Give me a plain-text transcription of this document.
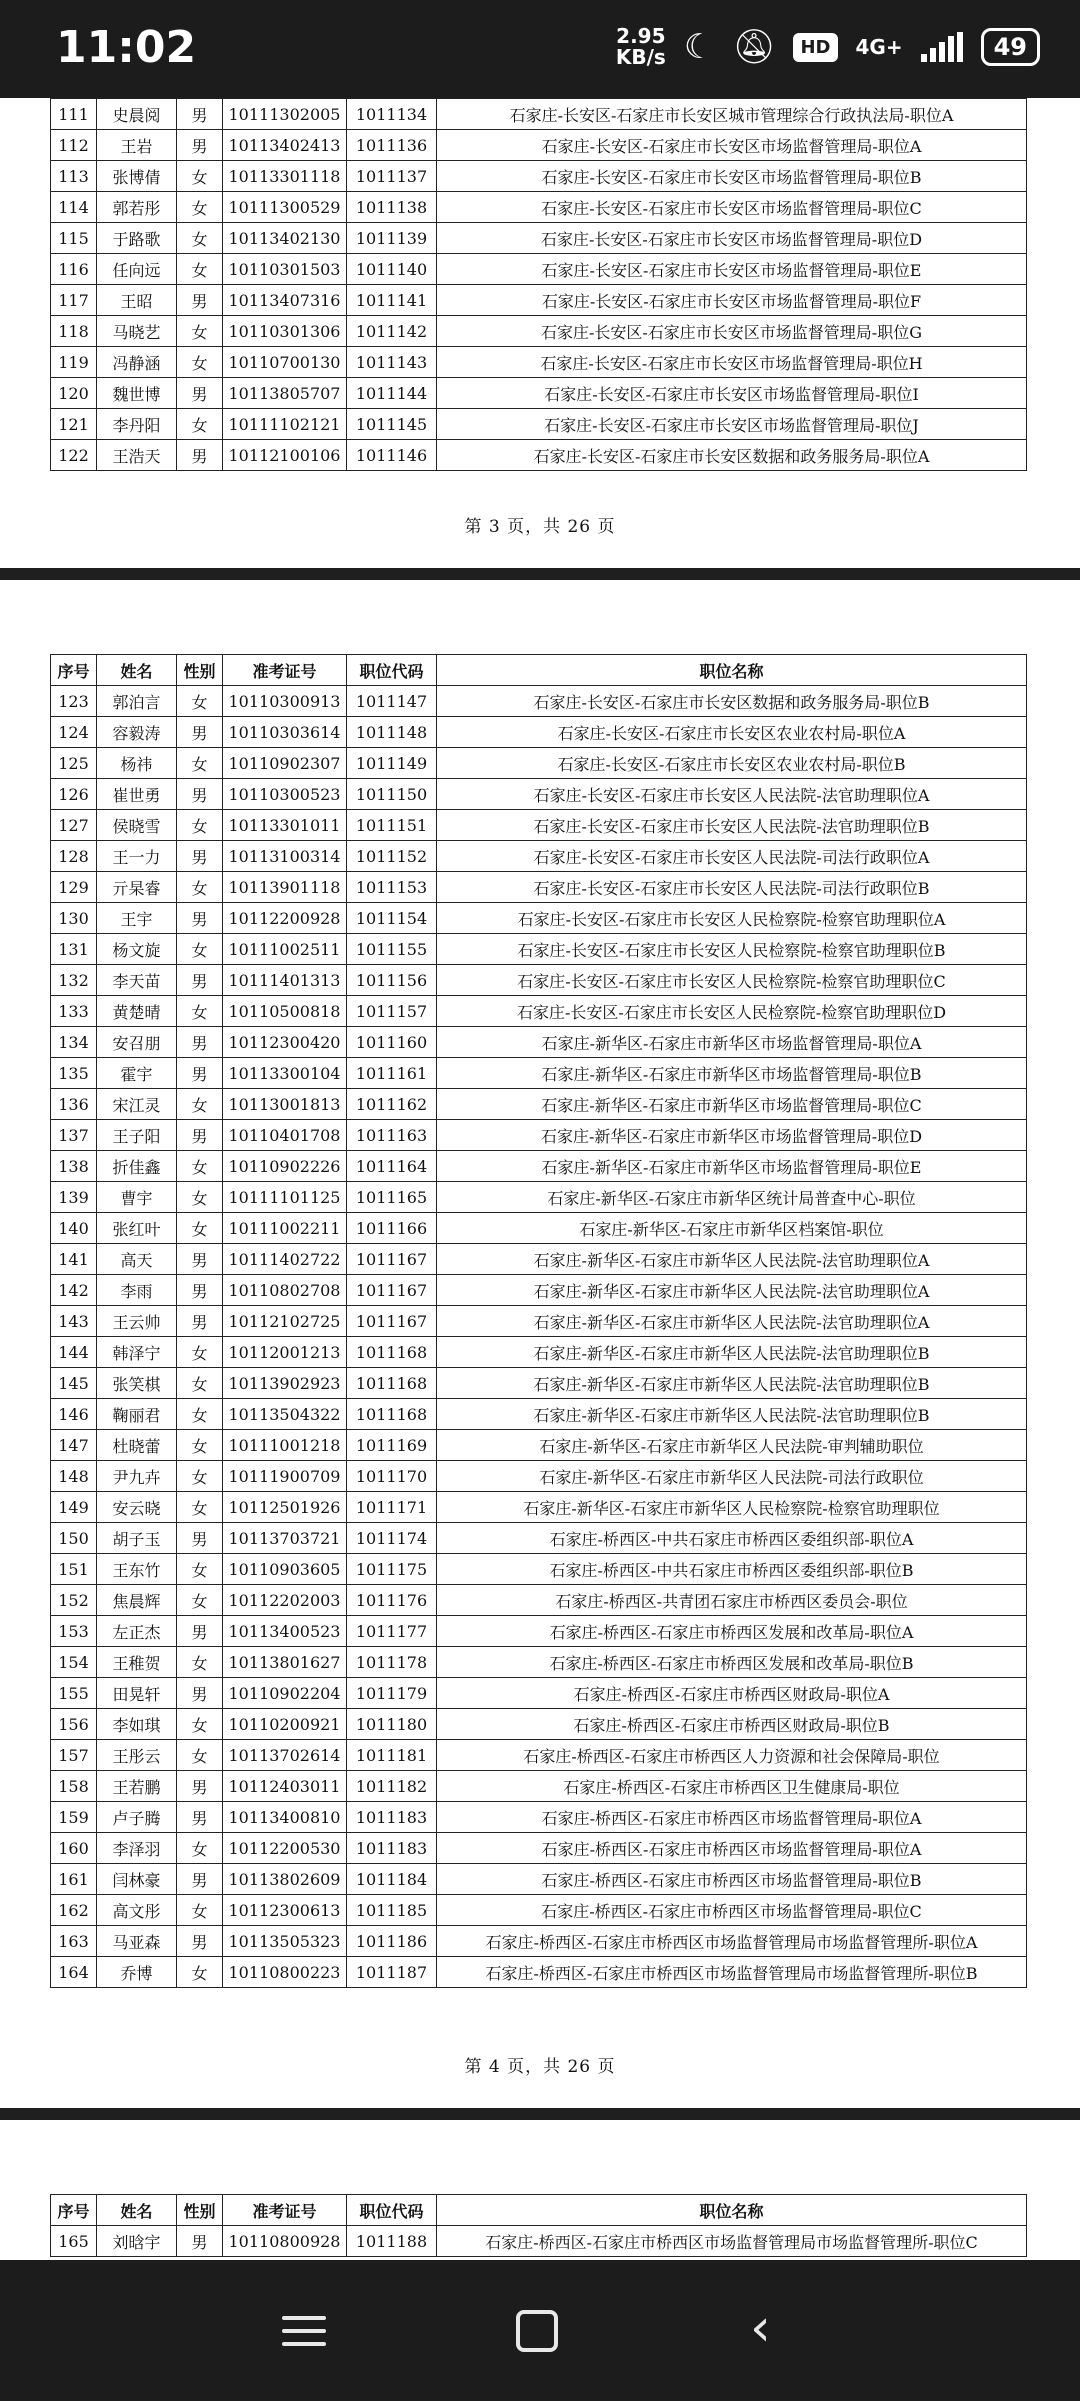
11:02	2.95
KB/s ☾ 🔕︎	HD	4G+	49
111	史晨阅	男	10111302005	1011134	石家庄-长安区-石家庄市长安区城市管理综合行政执法局-职位A
112	王岩	男	10113402413	1011136	石家庄-长安区-石家庄市长安区市场监督管理局-职位A
113	张博倩	女	10113301118	1011137	石家庄-长安区-石家庄市长安区市场监督管理局-职位B
114	郭若彤	女	10111300529	1011138	石家庄-长安区-石家庄市长安区市场监督管理局-职位C
115	于路歌	女	10113402130	1011139	石家庄-长安区-石家庄市长安区市场监督管理局-职位D
116	任向远	女	10110301503	1011140	石家庄-长安区-石家庄市长安区市场监督管理局-职位E
117	王昭	男	10113407316	1011141	石家庄-长安区-石家庄市长安区市场监督管理局-职位F
118	马晓艺	女	10110301306	1011142	石家庄-长安区-石家庄市长安区市场监督管理局-职位G
119	冯静涵	女	10110700130	1011143	石家庄-长安区-石家庄市长安区市场监督管理局-职位H
120	魏世博	男	10113805707	1011144	石家庄-长安区-石家庄市长安区市场监督管理局-职位I
121	李丹阳	女	10111102121	1011145	石家庄-长安区-石家庄市长安区市场监督管理局-职位J
122	王浩天	男	10112100106	1011146	石家庄-长安区-石家庄市长安区数据和政务服务局-职位A
第 3 页，共 26 页
序号	姓名	性别	准考证号	职位代码	职位名称
123	郭泊言	女	10110300913	1011147	石家庄-长安区-石家庄市长安区数据和政务服务局-职位B
124	容毅涛	男	10110303614	1011148	石家庄-长安区-石家庄市长安区农业农村局-职位A
125	杨祎	女	10110902307	1011149	石家庄-长安区-石家庄市长安区农业农村局-职位B
126	崔世勇	男	10110300523	1011150	石家庄-长安区-石家庄市长安区人民法院-法官助理职位A
127	侯晓雪	女	10113301011	1011151	石家庄-长安区-石家庄市长安区人民法院-法官助理职位B
128	王一力	男	10113100314	1011152	石家庄-长安区-石家庄市长安区人民法院-司法行政职位A
129	亓杲睿	女	10113901118	1011153	石家庄-长安区-石家庄市长安区人民法院-司法行政职位B
130	王宇	男	10112200928	1011154	石家庄-长安区-石家庄市长安区人民检察院-检察官助理职位A
131	杨文旋	女	10111002511	1011155	石家庄-长安区-石家庄市长安区人民检察院-检察官助理职位B
132	李天苗	男	10111401313	1011156	石家庄-长安区-石家庄市长安区人民检察院-检察官助理职位C
133	黄楚晴	女	10110500818	1011157	石家庄-长安区-石家庄市长安区人民检察院-检察官助理职位D
134	安召朋	男	10112300420	1011160	石家庄-新华区-石家庄市新华区市场监督管理局-职位A
135	霍宇	男	10113300104	1011161	石家庄-新华区-石家庄市新华区市场监督管理局-职位B
136	宋江灵	女	10113001813	1011162	石家庄-新华区-石家庄市新华区市场监督管理局-职位C
137	王子阳	男	10110401708	1011163	石家庄-新华区-石家庄市新华区市场监督管理局-职位D
138	折佳鑫	女	10110902226	1011164	石家庄-新华区-石家庄市新华区市场监督管理局-职位E
139	曹宇	女	10111101125	1011165	石家庄-新华区-石家庄市新华区统计局普查中心-职位
140	张红叶	女	10111002211	1011166	石家庄-新华区-石家庄市新华区档案馆-职位
141	高天	男	10111402722	1011167	石家庄-新华区-石家庄市新华区人民法院-法官助理职位A
142	李雨	男	10110802708	1011167	石家庄-新华区-石家庄市新华区人民法院-法官助理职位A
143	王云帅	男	10112102725	1011167	石家庄-新华区-石家庄市新华区人民法院-法官助理职位A
144	韩泽宁	女	10112001213	1011168	石家庄-新华区-石家庄市新华区人民法院-法官助理职位B
145	张笑棋	女	10113902923	1011168	石家庄-新华区-石家庄市新华区人民法院-法官助理职位B
146	鞠丽君	女	10113504322	1011168	石家庄-新华区-石家庄市新华区人民法院-法官助理职位B
147	杜晓蕾	女	10111001218	1011169	石家庄-新华区-石家庄市新华区人民法院-审判辅助职位
148	尹九卉	女	10111900709	1011170	石家庄-新华区-石家庄市新华区人民法院-司法行政职位
149	安云晓	女	10112501926	1011171	石家庄-新华区-石家庄市新华区人民检察院-检察官助理职位
150	胡子玉	男	10113703721	1011174	石家庄-桥西区-中共石家庄市桥西区委组织部-职位A
151	王东竹	女	10110903605	1011175	石家庄-桥西区-中共石家庄市桥西区委组织部-职位B
152	焦晨辉	女	10112202003	1011176	石家庄-桥西区-共青团石家庄市桥西区委员会-职位
153	左正杰	男	10113400523	1011177	石家庄-桥西区-石家庄市桥西区发展和改革局-职位A
154	王稚贺	女	10113801627	1011178	石家庄-桥西区-石家庄市桥西区发展和改革局-职位B
155	田晃轩	男	10110902204	1011179	石家庄-桥西区-石家庄市桥西区财政局-职位A
156	李如琪	女	10110200921	1011180	石家庄-桥西区-石家庄市桥西区财政局-职位B
157	王彤云	女	10113702614	1011181	石家庄-桥西区-石家庄市桥西区人力资源和社会保障局-职位
158	王若鹏	男	10112403011	1011182	石家庄-桥西区-石家庄市桥西区卫生健康局-职位
159	卢子腾	男	10113400810	1011183	石家庄-桥西区-石家庄市桥西区市场监督管理局-职位A
160	李泽羽	女	10112200530	1011183	石家庄-桥西区-石家庄市桥西区市场监督管理局-职位A
161	闫林豪	男	10113802609	1011184	石家庄-桥西区-石家庄市桥西区市场监督管理局-职位B
162	高文彤	女	10112300613	1011185	石家庄-桥西区-石家庄市桥西区市场监督管理局-职位C
163	马亚森	男	10113505323	1011186	石家庄-桥西区-石家庄市桥西区市场监督管理局市场监督管理所-职位A
164	乔博	女	10110800223	1011187	石家庄-桥西区-石家庄市桥西区市场监督管理局市场监督管理所-职位B
第 4 页，共 26 页
序号	姓名	性别	准考证号	职位代码	职位名称
165	刘晗宇	男	10110800928	1011188	石家庄-桥西区-石家庄市桥西区市场监督管理局市场监督管理所-职位C
‹
